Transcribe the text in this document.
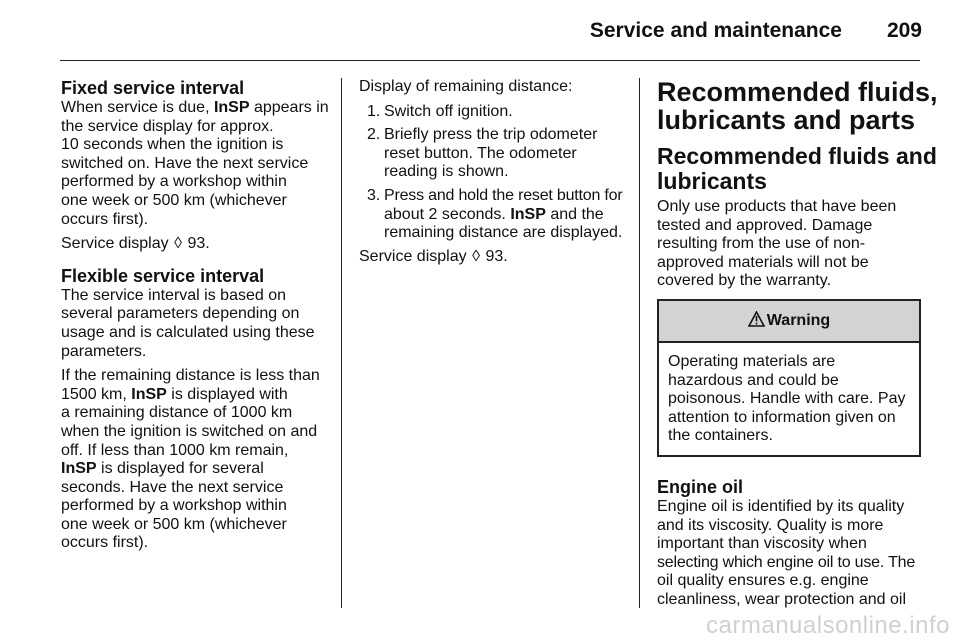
Service and maintenance 209
Fixed service interval

When service is due, InSP appears in
the service display for approx.
10 seconds when the ignition is
switched on. Have the next service
performed by a workshop within
one week or 500 km (whichever
occurs first).

Service display ◊ 93.

Flexible service interval

The service interval is based on
several parameters depending on
usage and is calculated using these
parameters.

If the remaining distance is less than
1500 km, InSP is displayed with
a remaining distance of 1000 km
when the ignition is switched on and
off. If less than 1000 km remain,
InSP is displayed for several
seconds. Have the next service
performed by a workshop within
one week or 500 km (whichever
occurs first).

Display of remaining distance:

1. Switch off ignition.
2. Briefly press the trip odometer
reset button. The odometer
reading is shown.
3. Press and hold the reset button for
about 2 seconds. InSP and the
remaining distance are displayed.

Service display ◊ 93.

Recommended fluids,
lubricants and parts
Recommended fluids and
lubricants

Only use products that have been
tested and approved. Damage
resulting from the use of non-
approved materials will not be
covered by the warranty.

Warning
Operating materials are
hazardous and could be
poisonous. Handle with care. Pay
attention to information given on
the containers.
Engine oil

Engine oil is identified by its quality
and its viscosity. Quality is more
important than viscosity when
selecting which engine oil to use. The
oil quality ensures e.g. engine
cleanliness, wear protection and oil

carmanualsonline.info
